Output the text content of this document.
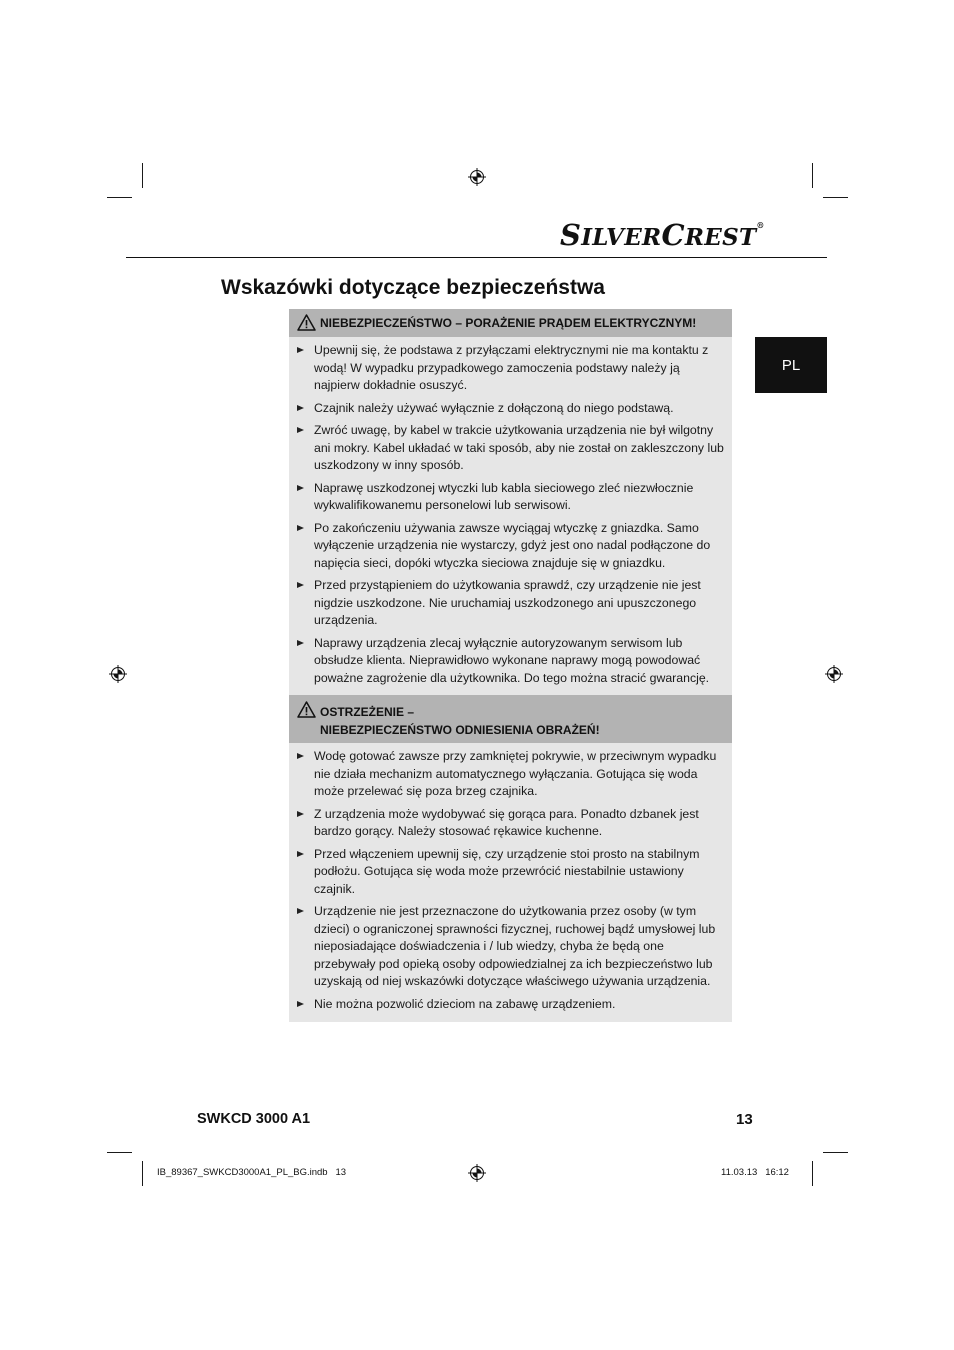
SILVERCREST®
Wskazówki dotyczące bezpieczeństwa
PL
NIEBEZPIECZEŃSTWO – PORAŻENIE PRĄDEM ELEKTRYCZNYM!
Upewnij się, że podstawa z przyłączami elektrycznymi nie ma kontaktu z wodą! W wypadku przypadkowego zamoczenia podstawy należy ją najpierw dokładnie osuszyć.
Czajnik należy używać wyłącznie z dołączoną do niego podstawą.
Zwróć uwagę, by kabel w trakcie użytkowania urządzenia nie był wilgotny ani mokry. Kabel układać w taki sposób, aby nie został on zakleszczony lub uszkodzony w inny sposób.
Naprawę uszkodzonej wtyczki lub kabla sieciowego zleć niezwłocznie wykwalifikowanemu personelowi lub serwisowi.
Po zakończeniu używania zawsze wyciągaj wtyczkę z gniazdka. Samo wyłączenie urządzenia nie wystarczy, gdyż jest ono nadal podłączone do napięcia sieci, dopóki wtyczka sieciowa znajduje się w gniazdku.
Przed przystąpieniem do użytkowania sprawdź, czy urządzenie nie jest nigdzie uszkodzone. Nie uruchamiaj uszkodzonego ani upuszczonego urządzenia.
Naprawy urządzenia zlecaj wyłącznie autoryzowanym serwisom lub obsłudze klienta. Nieprawidłowo wykonane naprawy mogą powodować poważne zagrożenie dla użytkownika. Do tego można stracić gwarancję.
OSTRZEŻENIE –
NIEBEZPIECZEŃSTWO ODNIESIENIA OBRAŻEŃ!
Wodę gotować zawsze przy zamkniętej pokrywie, w przeciwnym wypadku nie działa mechanizm automatycznego wyłączania. Gotująca się woda może przelewać się poza brzeg czajnika.
Z urządzenia może wydobywać się gorąca para. Ponadto dzbanek jest bardzo gorący. Należy stosować rękawice kuchenne.
Przed włączeniem upewnij się, czy urządzenie stoi prosto na stabilnym podłożu. Gotująca się woda może przewrócić niestabilnie ustawiony czajnik.
Urządzenie nie jest przeznaczone do użytkowania przez osoby (w tym dzieci) o ograniczonej sprawności fizycznej, ruchowej bądź umysłowej lub nieposiadające doświadczenia i / lub wiedzy, chyba że będą one przebywały pod opieką osoby odpowiedzialnej za ich bezpieczeństwo lub uzyskają od niej wskazówki dotyczące właściwego używania urządzenia.
Nie można pozwolić dzieciom na zabawę urządzeniem.
SWKCD 3000 A1	13
IB_89367_SWKCD3000A1_PL_BG.indb   13	11.03.13   16:12
